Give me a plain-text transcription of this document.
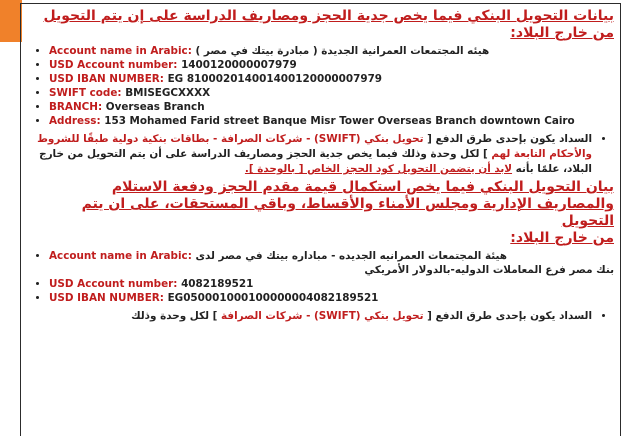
بيانات التحويل البنكي فيما يخص جدية الحجز ومصاريف الدراسة على إن يتم التحويل
من خارج البلاد:
• Account name in Arabic: هيئه المجتمعات العمرانية الجديدة ( مبادرة بيتك في مصر )
• USD Account number: 1400120000007979
• USD IBAN NUMBER: EG 810002014001400120000007979
• SWIFT code: BMISEGCXXXX
• BRANCH: Overseas Branch
• Address: 153 Mohamed Farid street Banque Misr Tower Overseas Branch downtown Cairo
• السداد يكون بإحدى طرق الدفع [ تحويل بنكي (SWIFT) - شركات الصرافة - بطاقات بنكية دولية طبقًا للشروط والأحكام التابعة لهم ] لكل وحدة وذلك فيما يخص جدية الحجز ومصاريف الدراسة على أن يتم التحويل من خارج البلاد، علمًا بأنه لابد أن يتضمن التحويل كود الحجز الخاص [ بالوحدة ].
بيان التحويل البنكي فيما يخص استكمال قيمة مقدم الحجز ودفعة الاستلام
والمصاريف الإدارية ومجلس الأمناء والأقساط، وباقي المستحقات، على ان يتم التحويل
من خارج البلاد:
• Account name in Arabic: هيئة المجتمعات العمرانيه الجديده - مباداره بيتك في مصر لدى
بنك مصر فرع المعاملات الدوليه-بالدولار الأمريكي
• USD Account number: 4082189521
• USD IBAN NUMBER: EG050001000100000004082189521
• السداد يكون بإحدى طرق الدفع [ تحويل بنكي (SWIFT) - شركات الصرافة ] لكل وحدة وذلك
